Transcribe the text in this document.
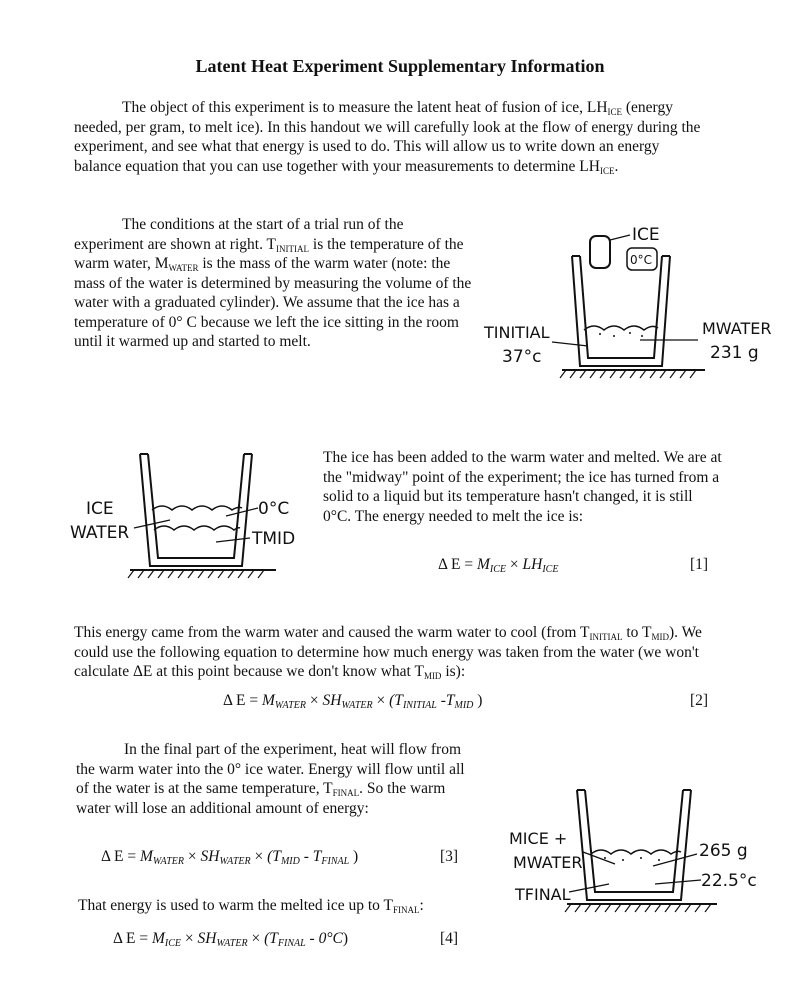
Latent Heat Experiment Supplementary Information

The object of this experiment is to measure the latent heat of fusion of ice, $LH_{ICE}$ (energy needed, per gram, to melt ice). In this handout we will carefully look at the flow of energy during the experiment, and see what that energy is used to do. This will allow us to write down an energy balance equation that you can use together with your measurements to determine $LH_{ICE}$.

The conditions at the start of a trial run of the experiment are shown at right. $T_{INITIAL}$ is the temperature of the warm water, $M_{WATER}$ is the mass of the warm water (note: the mass of the water is determined by measuring the volume of the water with a graduated cylinder). We assume that the ice has a temperature of 0° C because we left the ice sitting in the room until it warmed up and started to melt.

0°C
ICE
TINITIAL
37°c
MWATER
231 g
ICE
WATER
0°C
TMID

The ice has been added to the warm water and melted. We are at the "midway" point of the experiment; the ice has turned from a solid to a liquid but its temperature hasn't changed, it is still 0°C. The energy needed to melt the ice is:

Δ $E = M_{ICE} \times LH_{ICE}$	[1]

This energy came from the warm water and caused the warm water to cool (from $T_{INITIAL}$ to $T_{MID}$). We could use the following equation to determine how much energy was taken from the water (we won't calculate ΔE at this point because we don't know what $T_{MID}$ is):

Δ $E = M_{WATER} \times SH_{WATER} \times (T_{INITIAL}$ $-T_{MID}$ )	[2]

In the final part of the experiment, heat will flow from the warm water into the 0° ice water. Energy will flow until all of the water is at the same temperature, $T_{FINAL}$. So the warm water will lose an additional amount of energy:

Δ $E = M_{WATER} \times SH_{WATER} \times (T_{MID} - T_{FINAL}$ )	[3]

That energy is used to warm the melted ice up to $T_{FINAL}$:

Δ $E = M_{ICE} \times SH_{WATER} \times (T_{FINAL} - 0^\circ C)$	[4]
MICE +
MWATER
265 g
TFINAL
22.5°c
